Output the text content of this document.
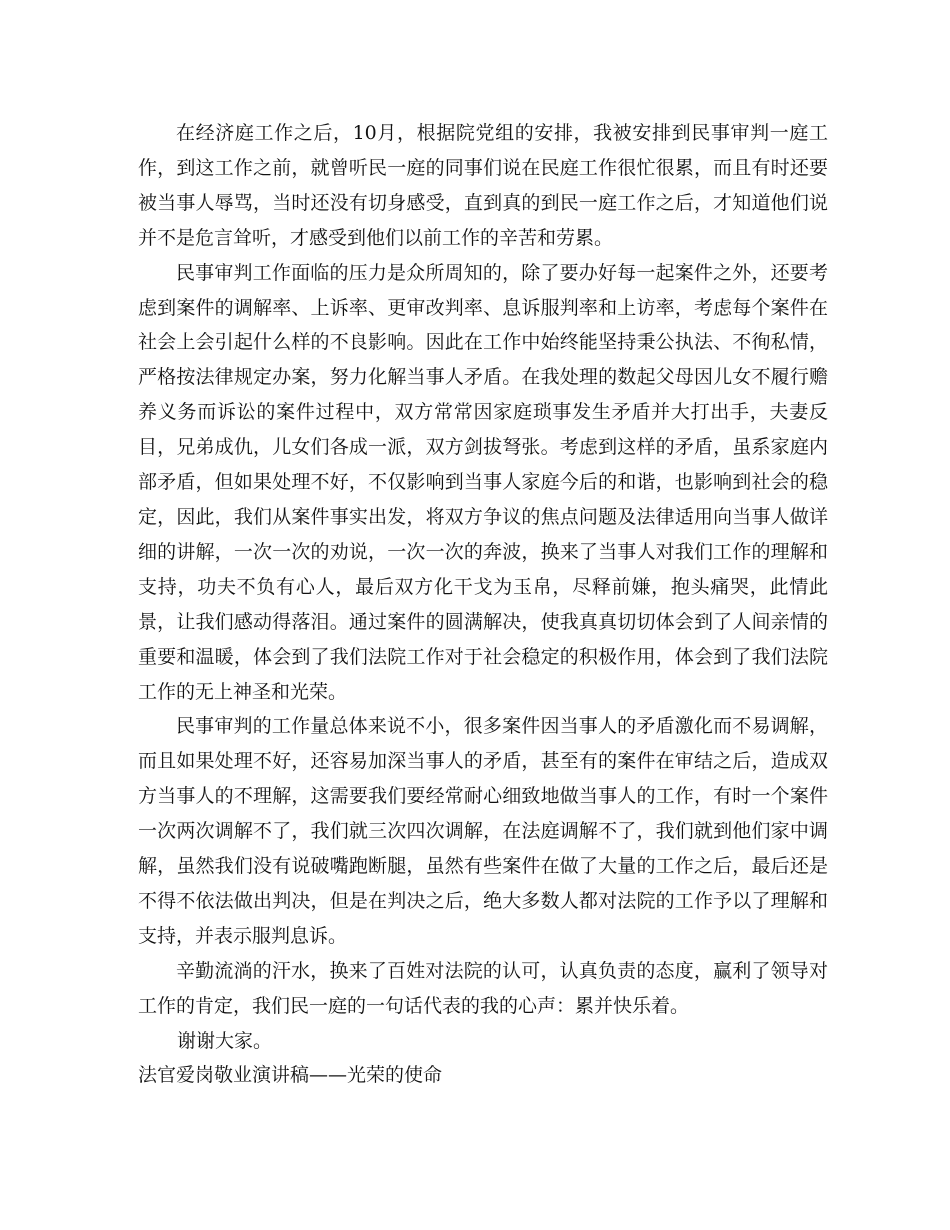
在经济庭工作之后，10月，根据院党组的安排，我被安排到民事审判一庭工作，到这工作之前，就曾听民一庭的同事们说在民庭工作很忙很累，而且有时还要被当事人辱骂，当时还没有切身感受，直到真的到民一庭工作之后，才知道他们说并不是危言耸听，才感受到他们以前工作的辛苦和劳累。

民事审判工作面临的压力是众所周知的，除了要办好每一起案件之外，还要考虑到案件的调解率、上诉率、更审改判率、息诉服判率和上访率，考虑每个案件在社会上会引起什么样的不良影响。因此在工作中始终能坚持秉公执法、不徇私情，严格按法律规定办案，努力化解当事人矛盾。在我处理的数起父母因儿女不履行赡养义务而诉讼的案件过程中，双方常常因家庭琐事发生矛盾并大打出手，夫妻反目，兄弟成仇，儿女们各成一派，双方剑拔弩张。考虑到这样的矛盾，虽系家庭内部矛盾，但如果处理不好，不仅影响到当事人家庭今后的和谐，也影响到社会的稳定，因此，我们从案件事实出发，将双方争议的焦点问题及法律适用向当事人做详细的讲解，一次一次的劝说，一次一次的奔波，换来了当事人对我们工作的理解和支持，功夫不负有心人，最后双方化干戈为玉帛，尽释前嫌，抱头痛哭，此情此景，让我们感动得落泪。通过案件的圆满解决，使我真真切切体会到了人间亲情的重要和温暖，体会到了我们法院工作对于社会稳定的积极作用，体会到了我们法院工作的无上神圣和光荣。

民事审判的工作量总体来说不小，很多案件因当事人的矛盾激化而不易调解，而且如果处理不好，还容易加深当事人的矛盾，甚至有的案件在审结之后，造成双方当事人的不理解，这需要我们要经常耐心细致地做当事人的工作，有时一个案件一次两次调解不了，我们就三次四次调解，在法庭调解不了，我们就到他们家中调解，虽然我们没有说破嘴跑断腿，虽然有些案件在做了大量的工作之后，最后还是不得不依法做出判决，但是在判决之后，绝大多数人都对法院的工作予以了理解和支持，并表示服判息诉。

辛勤流淌的汗水，换来了百姓对法院的认可，认真负责的态度，赢利了领导对工作的肯定，我们民一庭的一句话代表的我的心声：累并快乐着。

谢谢大家。

法官爱岗敬业演讲稿——光荣的使命
